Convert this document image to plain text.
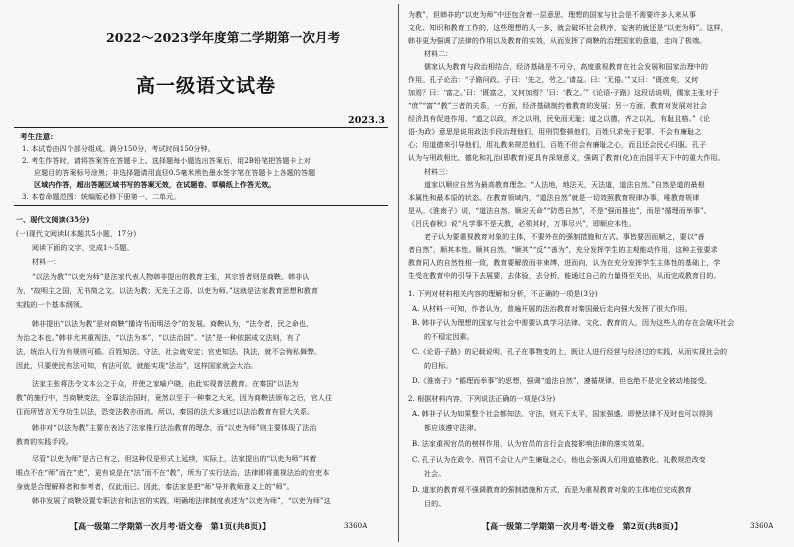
2022～2023学年度第二学期第一次月考
高一级语文试卷
2023.3
考生注意:
1. 本试卷由四个部分组成。满分150分，考试时间150分钟。
2. 考生作答时，请将答案答在答题卡上。选择题每小题选出答案后，用2B铅笔把答题卡上对
应题目的答案标号涂黑；非选择题请用直径0.5毫米黑色墨水签字笔在答题卡上各题的答题
区域内作答，超出答题区域书写的答案无效，在试题卷、草稿纸上作答无效。
3. 本卷命题范围：统编版必修下册第一、二单元。
一、现代文阅读(35分)
(一)现代文阅读Ⅰ(本题共5小题，17分)
阅读下面的文字，完成1～5题。
材料一：
“以法为教”“以吏为师”是法家代表人物韩非提出的教育主张，其宗旨者则是商鞅。韩非认
为，“故明主之国，无书简之文，以法为教；无先王之语，以吏为师。”这就是法家教育思想和教育
实践的一个基本纲领。
韩非提出“以法为教”是对商鞅“播诗书而明法令”的发展。商鞅认为，“法令者，民之命也，
为治之本也。”韩非尤其重视法，“以法为本”，“以法治国”。“法”是一种依据成文法则，有了
法，统治人行为有规则可循。百姓知法、守法，社会就安定；官吏知法、执法，就不会徇私舞弊。
因此，只要使民有法可知，有法可依，就能实现“法治”，这样国家就会大治。
法家主张将法令文本公之于众，并使之家喻户晓，由此实现普法教育。在秦国“以法为
教”的施行中，当商鞅变法，全靠法治国时，竟然以至于一种秦之大光，因为商鞅法颁布之后，官人往
往而所皆言无夺功生以法，恐变法教亦而流。所以，秦国的法大多通过以法治教育有很大关系。
韩非对“以法为教”主要在表达了法家推行法治教育的理念，而“以吏为师”则主要体现了法治
教育的实践手段。
尽管“以吏为师”是古已有之，但这种仅是形式上延续，实际上，法家提出的“以吏为师”其着
眼点不在“师”而在“吏”，更有说是在“法”而不在“教”，所为了实行法治，法律即将重视法治的官吏本
身就是合理解释者和参考者，仅此而已。因此，秦法家是把“师”导并教师意义上的“师”。
韩非发展了商鞅设置专职法官和法官的实践，明确地法律制度表述为“以吏为师”，“以吏为师”这
【高一级第二学期第一次月考·语文卷　第1页(共8页)】	3360A
为教”，但韩非的“以吏为师”中还包含着一层意思，理想的国家与社会是不需要许多人来从事
文化、知识和教育工作的，这些理想的人一多，就会破坏社会秩序，妄害的就还是“以吏为师”。这样，
韩非更为强调了法律的作用以及教育的实效，从而发挥了商鞅的治理国家的意道，走向了极端。
材料二：
儒家认为教育与政治相结合，经济基础是不可分，高度重视教育在社会发展和国家治理中的
作用。孔子论治：“子路问政。子曰：‘先之，劳之。’请益。曰：‘无倦。’”又曰：“既庶矣，又何
加焉？曰：‘富之。’曰：‘既富之，又何加焉？’曰：‘教之。’”《论语·子路》这段话说明，儒家主张对于
“庶”“富”“教”三者的关系，一方面，经济基础制约着教育的发展；另一方面，教育对发展对社会
经济具有促进作用。“道之以政，齐之以刑，民免而无耻；道之以德，齐之以礼，有耻且格。”《论
语·为政》意思是说用政法手段治理他们，用刑罚整顿他们，百姓只求免于犯罪，不会有廉耻之
心；用道德来引导他们，用礼教来规范他们，百姓不但会有廉耻之心，而且还会民心归服。孔子
认为与刑政相比，德化和礼治(即教育)更具有深刻意义，强调了教育(化)在治国平天下中的重大作用。
材料三：
道家以顺应自然为最高教育理念。“人法地，地法天，天法道，道法自然。”自然是道的最根
本属性和最本原的状态。在教育领域内，“道法自然”就是一切效照教育规律办事，唯教育规律
是从。《淮南子》说，“道法自然，顺应天命”“防患自然”，不是“强而推也”，而是“循理而举事”。
《吕氏春秋》说“凡学事不是天教，必须其时，万事尽兴”，即顺应本性。
老子认为要重视教育对象的主体，不要外在的强制措施和方式。事皆要因而顺之，要以“善
者自然”，顺其本性。顺其自然，“顺其”“反”“善为”，充分发挥学生的主观能动作用，这种主张要求
教育同人的自然性相一致，教育要解放而非束缚，进而向，认为在充分发挥学生主体性的基础上，学
生受在教育中的引导下去展要，去体验，去分析，能通过自己的力量得至关出，从而完成教育目的。
1. 下列对材料相关内容的理解和分析，不正确的一项是(3分)
A. 从材料一可知，作者认为，普遍开展的法治教育对秦国最后走向强大发挥了很大作用。
B. 韩非子认为理想的国家与社会中需要认真学习法律、文化、教育的人，因为这些人的存在会破坏社会
的不稳定因素。
C.《论语·子路》的记载说明，孔子在事物变的上，既让人进行经营与经济过的实践，从而实现社会的
的目标。
D.《淮南子》“循理而举事”的思想，强调“道法自然”，遵循规律，但也绝不是完全被动地接受。
2. 根据材料内容，下列说法正确的一项是(3分)
A. 韩非子认为如果整个社会都知法、守法，则天下太平，国家强盛，即使法律不及时也可以得到
都应该遵守法律。
B. 法家重视官员的榜样作用，认为官员的言行会直接影响法律的落实效果。
C. 孔子认为在政令、刑罚不会让人产生廉耻之心，他也会强调人们用道德教化、礼教规范改变
社会。
D. 道家的教育观不强调教育的强制措施和方式，而是为重视教育对象的主体地位完成教育
目的。
【高一级第二学期第一次月考·语文卷　第2页(共8页)】	3360A
